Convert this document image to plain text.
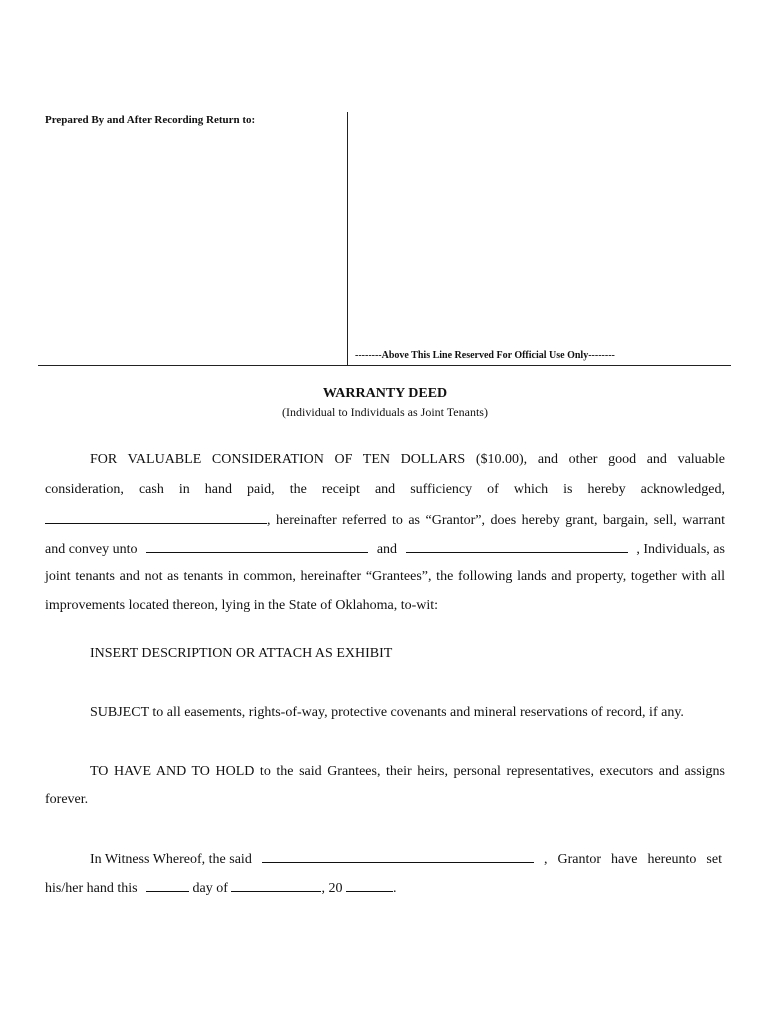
Prepared By and After Recording Return to:
--------Above This Line Reserved For Official Use Only--------
WARRANTY DEED
(Individual to Individuals as Joint Tenants)
FOR VALUABLE CONSIDERATION OF TEN DOLLARS ($10.00), and other good and valuable
consideration, cash in hand paid, the receipt and sufficiency of which is hereby acknowledged,
, hereinafter referred to as “Grantor”, does hereby grant, bargain, sell, warrant
and convey unto	and	, Individuals, as
joint tenants and not as tenants in common, hereinafter “Grantees”, the following lands and property, together with all
improvements located thereon, lying in the State of Oklahoma, to-wit:
INSERT DESCRIPTION OR ATTACH AS EXHIBIT
SUBJECT to all easements, rights-of-way, protective covenants and mineral reservations of record, if any.
TO HAVE AND TO HOLD to the said Grantees, their heirs, personal representatives, executors and assigns
forever.
In Witness Whereof, the said	, Grantor have hereunto set
his/her hand this	day of	, 20	.
